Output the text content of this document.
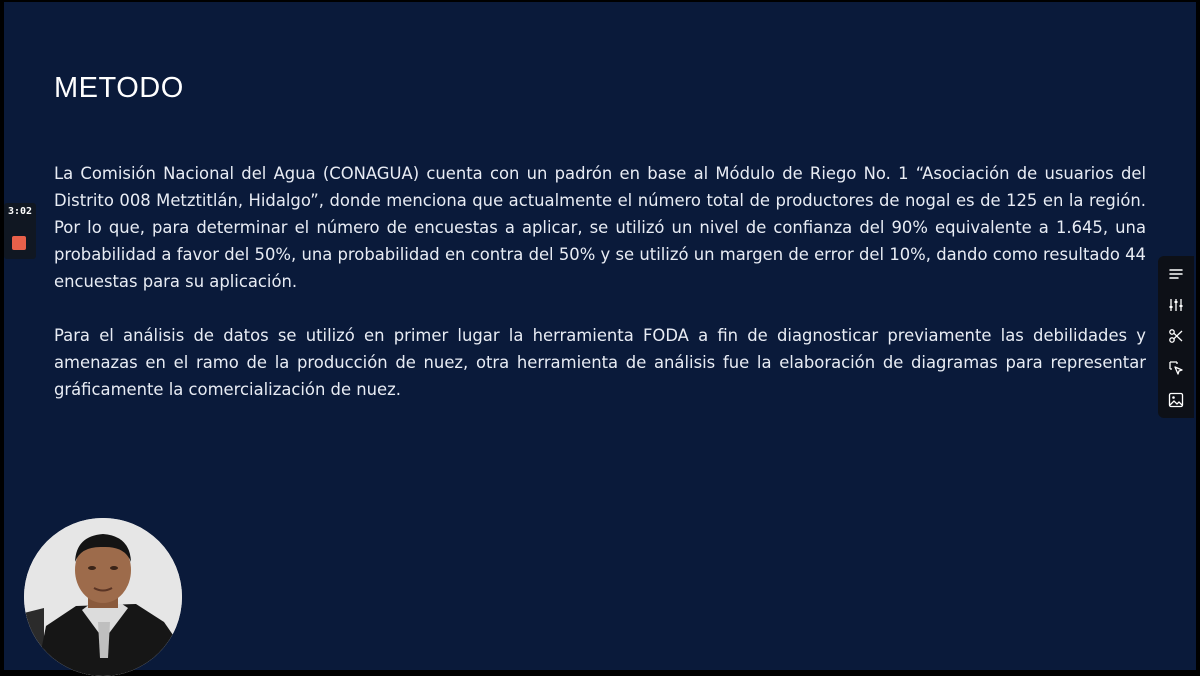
METODO

La Comisión Nacional del Agua (CONAGUA) cuenta con un padrón en base al Módulo de Riego No. 1 “Asociación de usuarios del Distrito 008 Metztitlán, Hidalgo”, donde menciona que actualmente el número total de productores de nogal es de 125 en la región. Por lo que, para determinar el número de encuestas a aplicar, se utilizó un nivel de confianza del 90% equivalente a 1.645, una probabilidad a favor del 50%, una probabilidad en contra del 50% y se utilizó un margen de error del 10%, dando como resultado 44 encuestas para su aplicación.

Para el análisis de datos se utilizó en primer lugar la herramienta FODA a fin de diagnosticar previamente las debilidades y amenazas en el ramo de la producción de nuez, otra herramienta de análisis fue la elaboración de diagramas para representar gráficamente la comercialización de nuez.

3:02
